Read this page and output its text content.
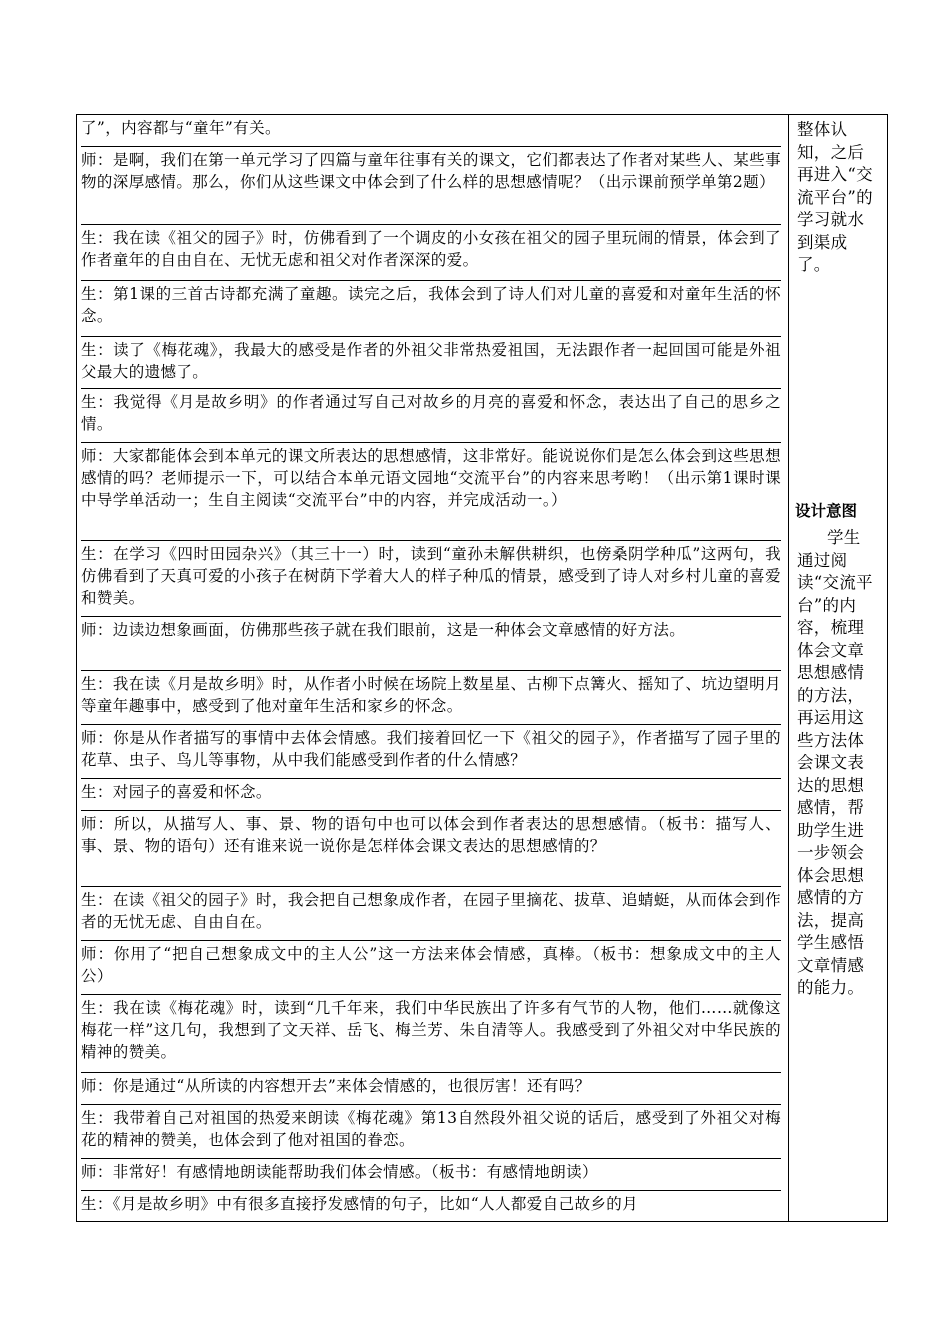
了”，内容都与“童年”有关。
师：是啊，我们在第一单元学习了四篇与童年往事有关的课文，它们都表达了作者对某些人、某些事物的深厚感情。那么，你们从这些课文中体会到了什么样的思想感情呢？（出示课前预学单第2题）
生：我在读《祖父的园子》时，仿佛看到了一个调皮的小女孩在祖父的园子里玩闹的情景，体会到了作者童年的自由自在、无忧无虑和祖父对作者深深的爱。
生：第1课的三首古诗都充满了童趣。读完之后，我体会到了诗人们对儿童的喜爱和对童年生活的怀念。
生：读了《梅花魂》，我最大的感受是作者的外祖父非常热爱祖国，无法跟作者一起回国可能是外祖父最大的遗憾了。
生：我觉得《月是故乡明》的作者通过写自己对故乡的月亮的喜爱和怀念，表达出了自己的思乡之情。
师：大家都能体会到本单元的课文所表达的思想感情，这非常好。能说说你们是怎么体会到这些思想感情的吗？老师提示一下，可以结合本单元语文园地“交流平台”的内容来思考哟！（出示第1课时课中导学单活动一；生自主阅读“交流平台”中的内容，并完成活动一。）
生：在学习《四时田园杂兴》（其三十一）时，读到“童孙未解供耕织，也傍桑阴学种瓜”这两句，我仿佛看到了天真可爱的小孩子在树荫下学着大人的样子种瓜的情景，感受到了诗人对乡村儿童的喜爱和赞美。
师：边读边想象画面，仿佛那些孩子就在我们眼前，这是一种体会文章感情的好方法。
生：我在读《月是故乡明》时，从作者小时候在场院上数星星、古柳下点篝火、摇知了、坑边望明月等童年趣事中，感受到了他对童年生活和家乡的怀念。
师：你是从作者描写的事情中去体会情感。我们接着回忆一下《祖父的园子》，作者描写了园子里的花草、虫子、鸟儿等事物，从中我们能感受到作者的什么情感？
生：对园子的喜爱和怀念。
师：所以，从描写人、事、景、物的语句中也可以体会到作者表达的思想感情。（板书：描写人、事、景、物的语句）还有谁来说一说你是怎样体会课文表达的思想感情的？
生：在读《祖父的园子》时，我会把自己想象成作者，在园子里摘花、拔草、追蜻蜓，从而体会到作者的无忧无虑、自由自在。
师：你用了“把自己想象成文中的主人公”这一方法来体会情感，真棒。（板书：想象成文中的主人公）
生：我在读《梅花魂》时，读到“几千年来，我们中华民族出了许多有气节的人物，他们……就像这梅花一样”这几句，我想到了文天祥、岳飞、梅兰芳、朱自清等人。我感受到了外祖父对中华民族的精神的赞美。
师：你是通过“从所读的内容想开去”来体会情感的，也很厉害！还有吗？
生：我带着自己对祖国的热爱来朗读《梅花魂》第13自然段外祖父说的话后，感受到了外祖父对梅花的精神的赞美，也体会到了他对祖国的眷恋。
师：非常好！有感情地朗读能帮助我们体会情感。（板书：有感情地朗读）
生：《月是故乡明》中有很多直接抒发感情的句子，比如“人人都爱自己故乡的月
整体认知，之后再进入“交流平台”的学习就水到渠成了。
设计意图
学生通过阅读“交流平台”的内容，梳理体会文章思想感情的方法，再运用这些方法体会课文表达的思想感情，帮助学生进一步领会体会思想感情的方法，提高学生感悟文章情感的能力。
